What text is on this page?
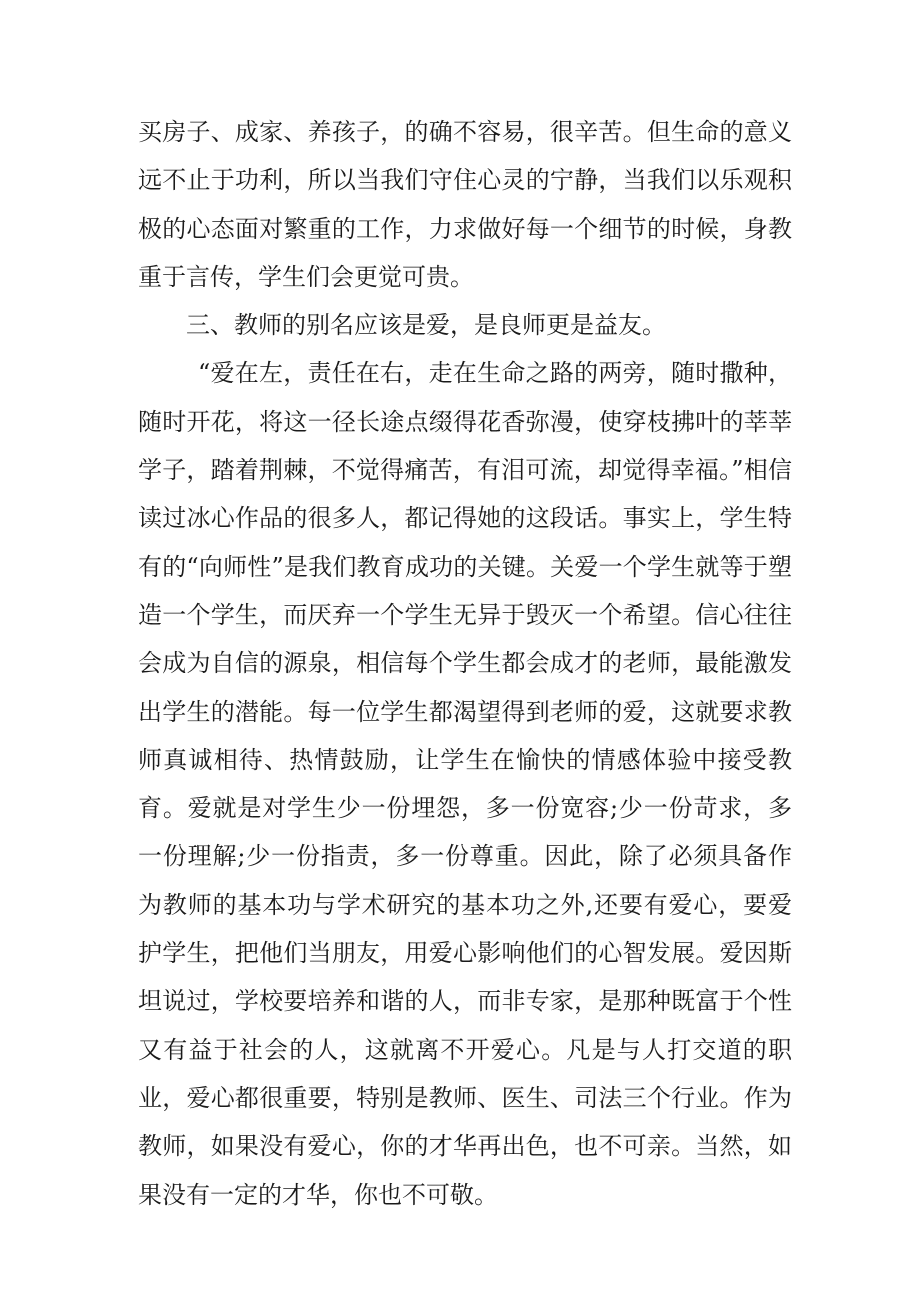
买房子、成家、养孩子，的确不容易，很辛苦。但生命的意义远不止于功利，所以当我们守住心灵的宁静，当我们以乐观积极的心态面对繁重的工作，力求做好每一个细节的时候，身教重于言传，学生们会更觉可贵。

三、教师的别名应该是爱，是良师更是益友。

“爱在左，责任在右，走在生命之路的两旁，随时撒种，随时开花，将这一径长途点缀得花香弥漫，使穿枝拂叶的莘莘学子，踏着荆棘，不觉得痛苦，有泪可流，却觉得幸福。”相信读过冰心作品的很多人，都记得她的这段话。事实上，学生特有的“向师性”是我们教育成功的关键。关爱一个学生就等于塑造一个学生，而厌弃一个学生无异于毁灭一个希望。信心往往会成为自信的源泉，相信每个学生都会成才的老师，最能激发出学生的潜能。每一位学生都渴望得到老师的爱，这就要求教师真诚相待、热情鼓励，让学生在愉快的情感体验中接受教育。爱就是对学生少一份埋怨，多一份宽容;少一份苛求，多一份理解;少一份指责，多一份尊重。因此，除了必须具备作为教师的基本功与学术研究的基本功之外,还要有爱心，要爱护学生，把他们当朋友，用爱心影响他们的心智发展。爱因斯坦说过，学校要培养和谐的人，而非专家，是那种既富于个性又有益于社会的人，这就离不开爱心。凡是与人打交道的职业，爱心都很重要，特别是教师、医生、司法三个行业。作为教师，如果没有爱心，你的才华再出色，也不可亲。当然，如果没有一定的才华，你也不可敬。
